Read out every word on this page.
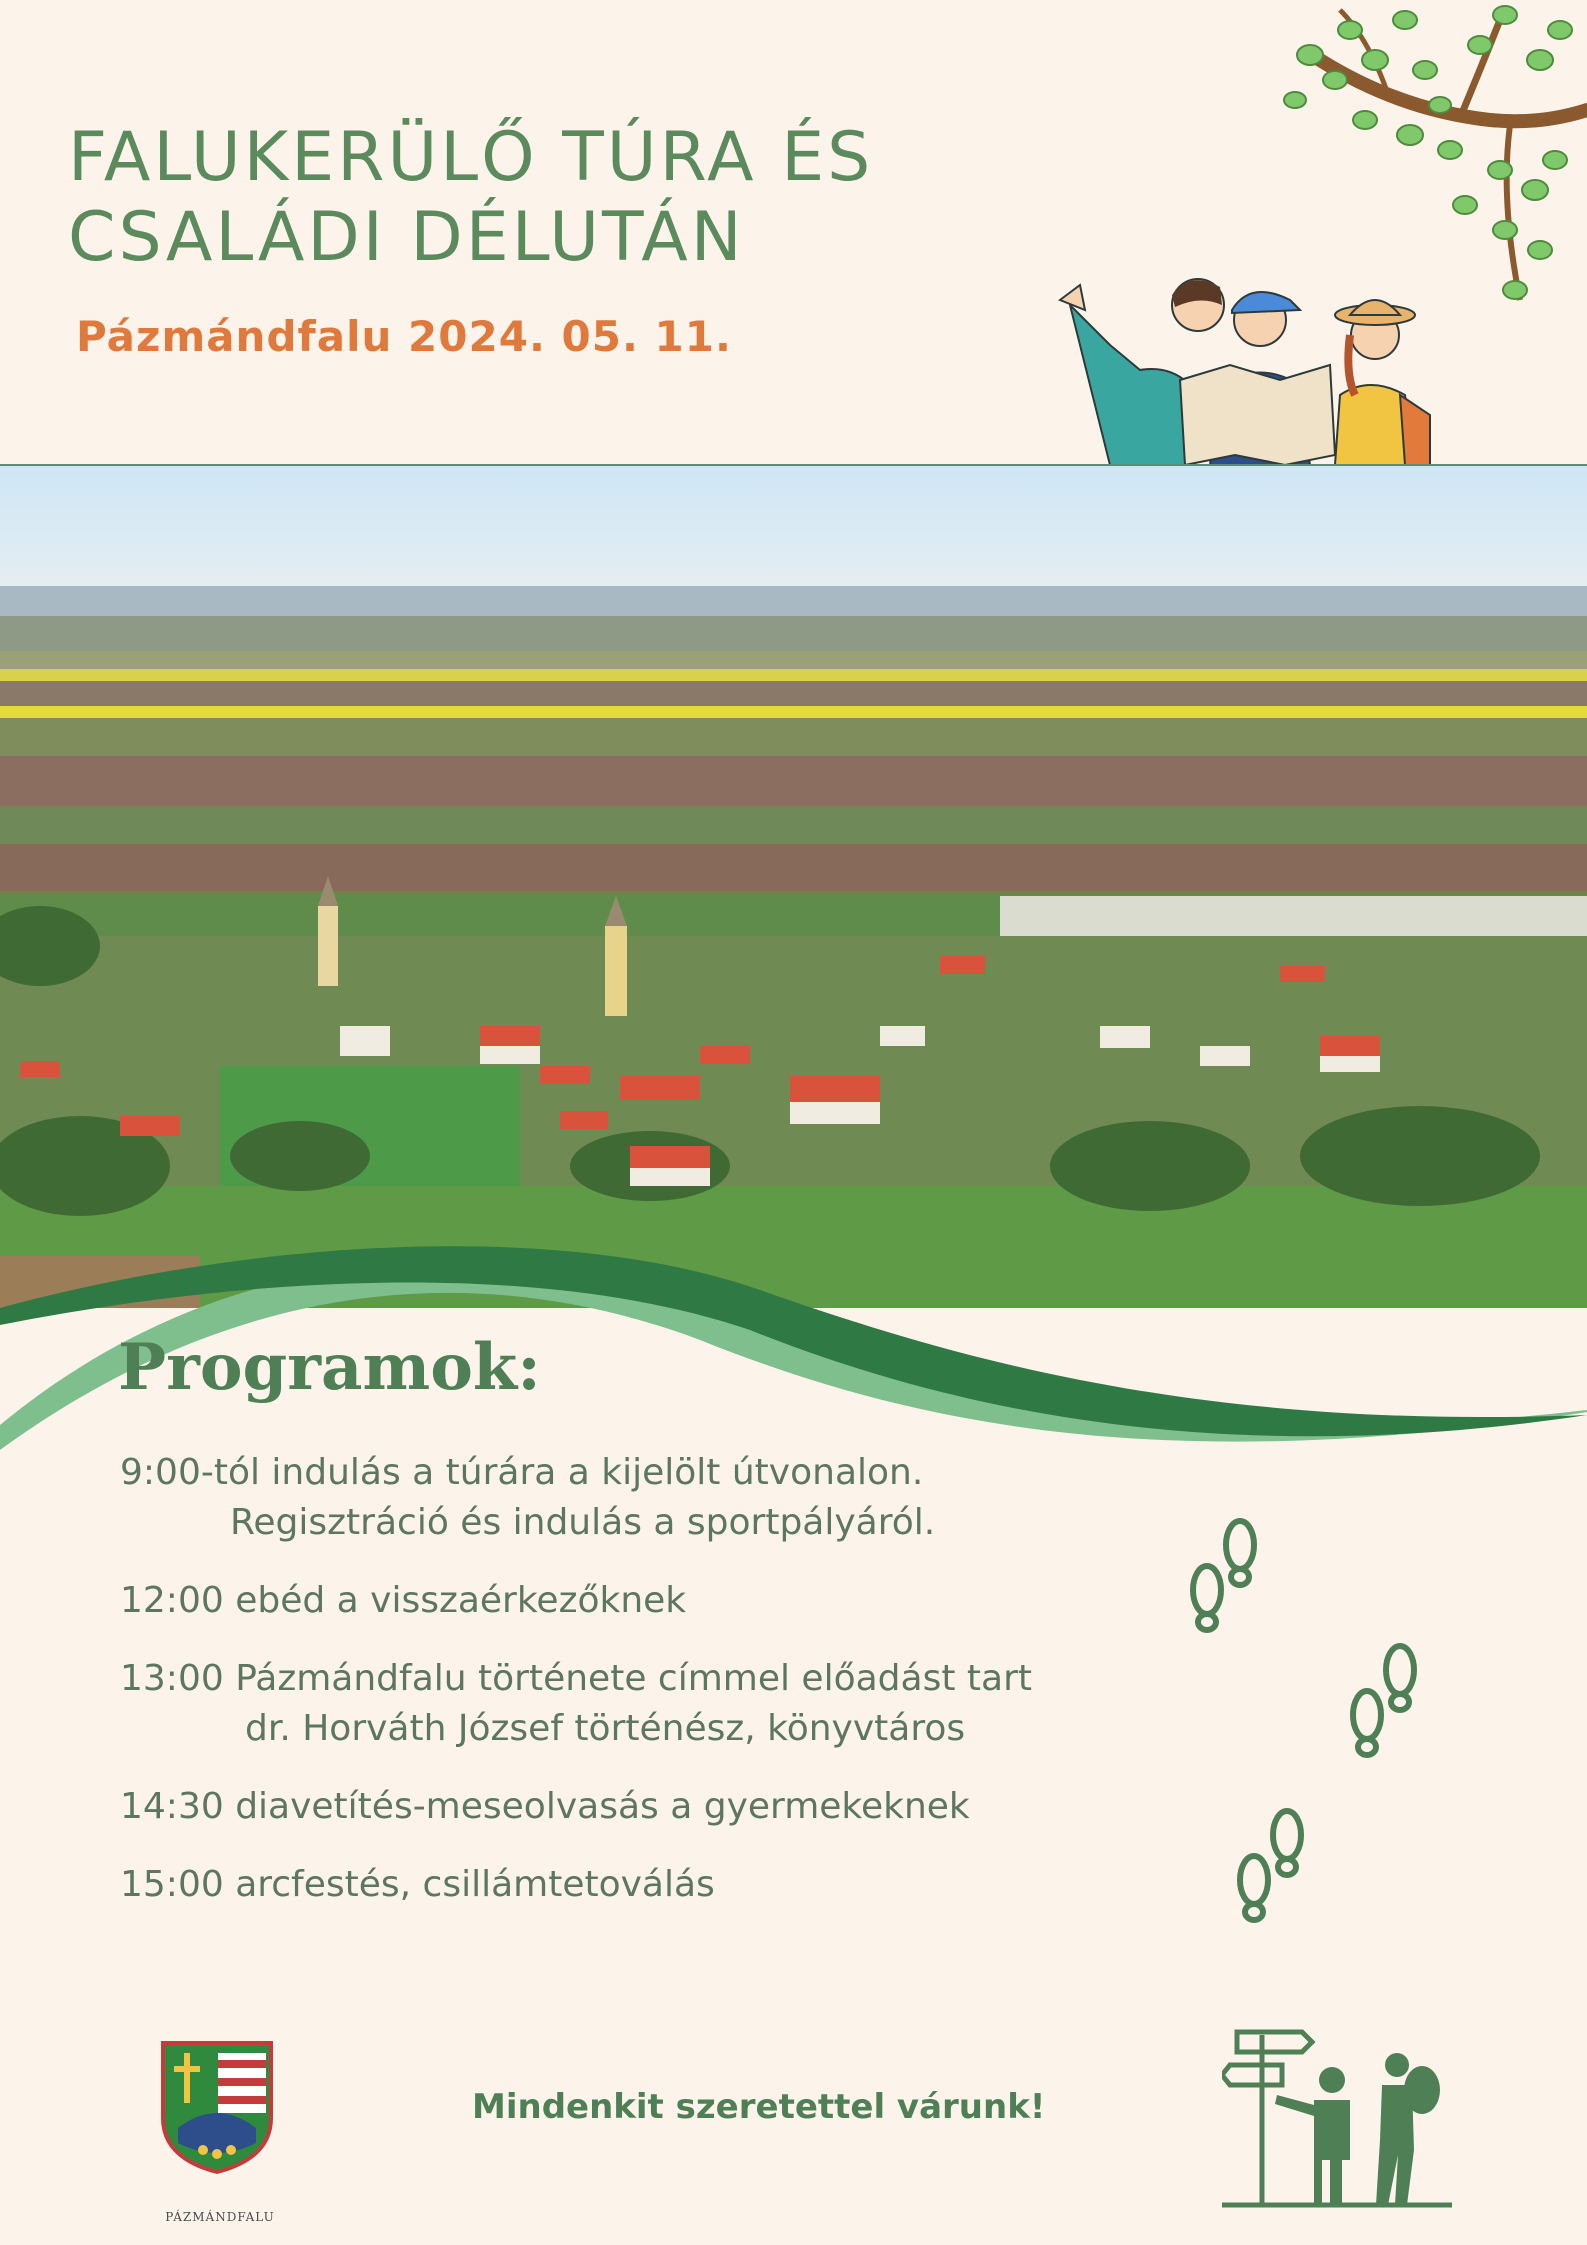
FALUKERÜLŐ TÚRA ÉS
CSALÁDI DÉLUTÁN
Pázmándfalu 2024. 05. 11.
Programok:
9:00-tól indulás a túrára a kijelölt útvonalon.
Regisztráció és indulás a sportpályáról.
12:00 ebéd a visszaérkezőknek
13:00 Pázmándfalu története címmel előadást tart
dr. Horváth József történész, könyvtáros
14:30 diavetítés-meseolvasás a gyermekeknek
15:00 arcfestés, csillámtetoválás
PÁZMÁNDFALU
Mindenkit szeretettel várunk!
